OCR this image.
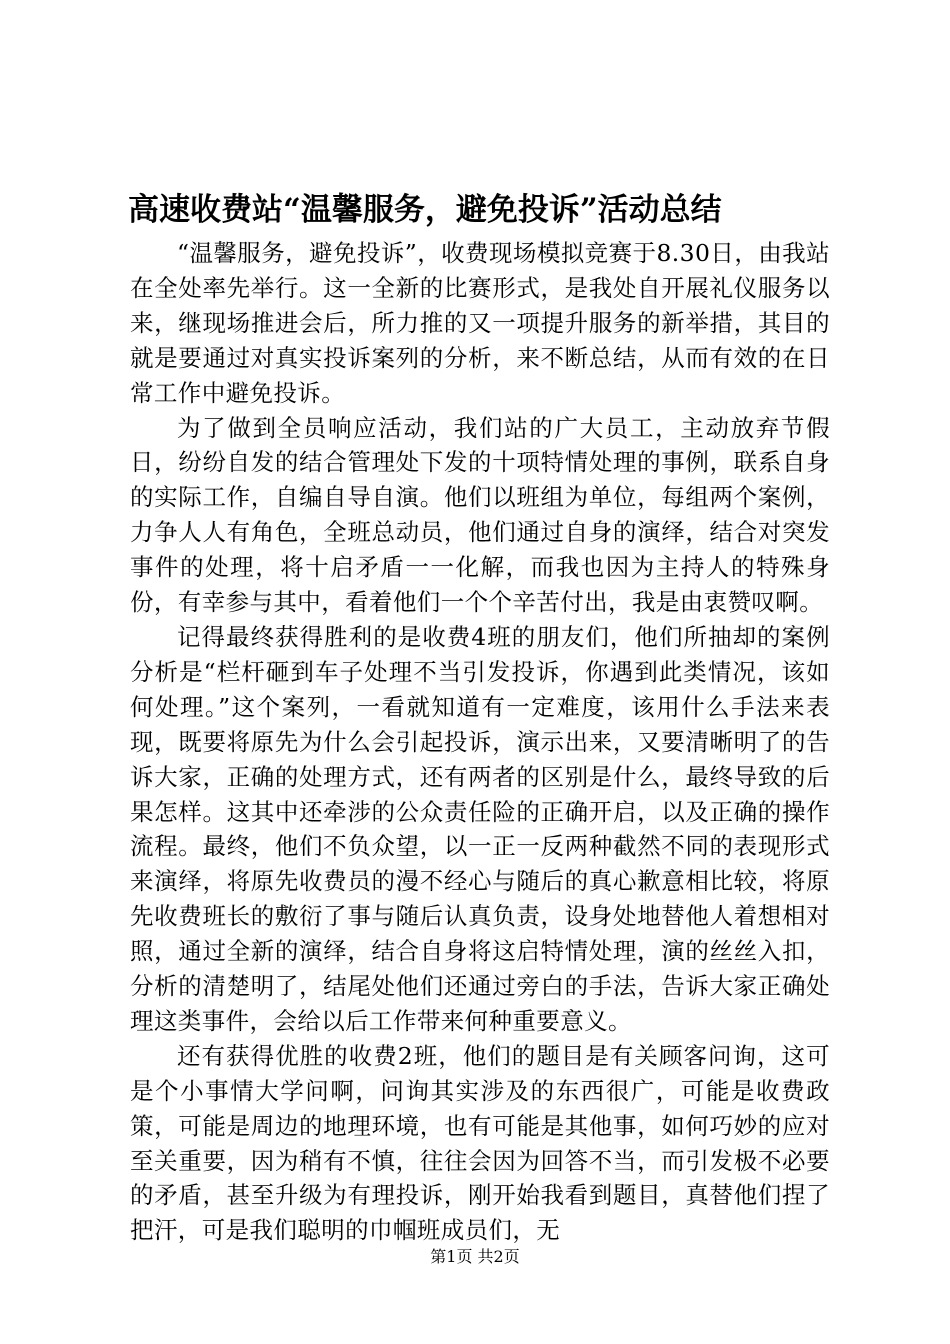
高速收费站“温馨服务，避免投诉”活动总结

“温馨服务，避免投诉”，收费现场模拟竞赛于8.30日，由我站在全处率先举行。这一全新的比赛形式，是我处自开展礼仪服务以来，继现场推进会后，所力推的又一项提升服务的新举措，其目的就是要通过对真实投诉案列的分析，来不断总结，从而有效的在日常工作中避免投诉。

为了做到全员响应活动，我们站的广大员工，主动放弃节假日，纷纷自发的结合管理处下发的十项特情处理的事例，联系自身的实际工作，自编自导自演。他们以班组为单位，每组两个案例，力争人人有角色，全班总动员，他们通过自身的演绎，结合对突发事件的处理，将十启矛盾一一化解，而我也因为主持人的特殊身份，有幸参与其中，看着他们一个个辛苦付出，我是由衷赞叹啊。

记得最终获得胜利的是收费4班的朋友们，他们所抽却的案例分析是“栏杆砸到车子处理不当引发投诉，你遇到此类情况，该如何处理。”这个案列，一看就知道有一定难度，该用什么手法来表现，既要将原先为什么会引起投诉，演示出来，又要清晰明了的告诉大家，正确的处理方式，还有两者的区别是什么，最终导致的后果怎样。这其中还牵涉的公众责任险的正确开启，以及正确的操作流程。最终，他们不负众望，以一正一反两种截然不同的表现形式来演绎，将原先收费员的漫不经心与随后的真心歉意相比较，将原先收费班长的敷衍了事与随后认真负责，设身处地替他人着想相对照，通过全新的演绎，结合自身将这启特情处理，演的丝丝入扣，分析的清楚明了，结尾处他们还通过旁白的手法，告诉大家正确处理这类事件，会给以后工作带来何种重要意义。

还有获得优胜的收费2班，他们的题目是有关顾客问询，这可是个小事情大学问啊，问询其实涉及的东西很广，可能是收费政策，可能是周边的地理环境，也有可能是其他事，如何巧妙的应对至关重要，因为稍有不慎，往往会因为回答不当，而引发极不必要的矛盾，甚至升级为有理投诉，刚开始我看到题目，真替他们捏了把汗，可是我们聪明的巾帼班成员们，无

第1页 共2页
